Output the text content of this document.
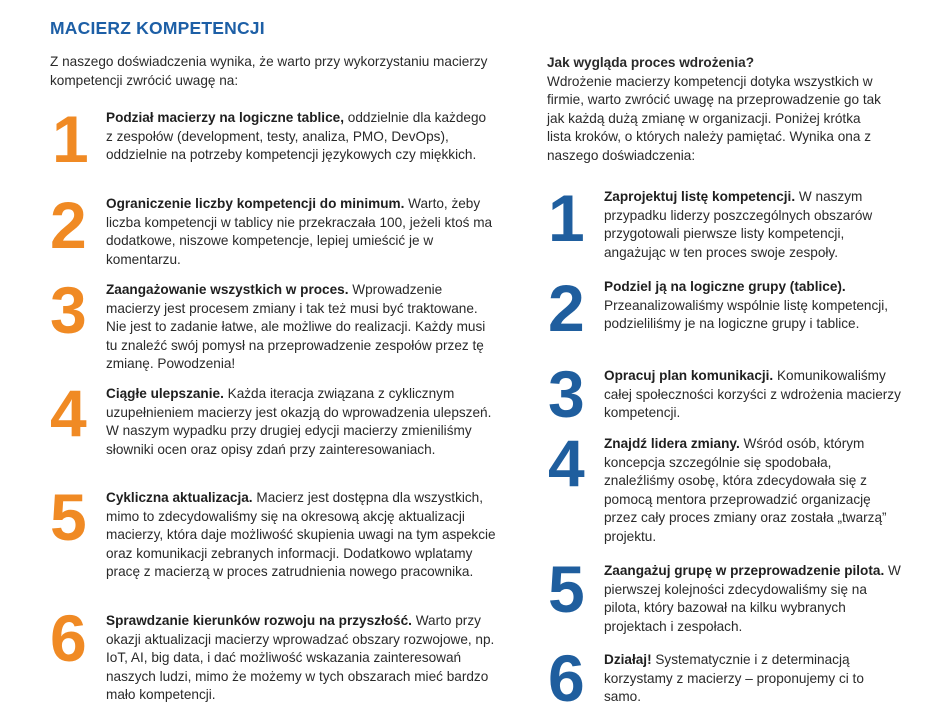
MACIERZ KOMPETENCJI

Z naszego doświadczenia wynika, że warto przy wykorzystaniu macierzy kompetencji zwrócić uwagę na:

1 Podział macierzy na logiczne tablice, oddzielnie dla każdego z zespołów (development, testy, analiza, PMO, DevOps), oddzielnie na potrzeby kompetencji językowych czy miękkich.
2 Ograniczenie liczby kompetencji do minimum. Warto, żeby liczba kompetencji w tablicy nie przekraczała 100, jeżeli ktoś ma dodatkowe, niszowe kompetencje, lepiej umieścić je w komentarzu.
3 Zaangażowanie wszystkich w proces. Wprowadzenie macierzy jest procesem zmiany i tak też musi być traktowane. Nie jest to zadanie łatwe, ale możliwe do realizacji. Każdy musi tu znaleźć swój pomysł na przeprowadzenie zespołów przez tę zmianę. Powodzenia!
4 Ciągłe ulepszanie. Każda iteracja związana z cyklicznym uzupełnieniem macierzy jest okazją do wprowadzenia ulepszeń. W naszym wypadku przy drugiej edycji macierzy zmieniliśmy słowniki ocen oraz opisy zdań przy zainteresowaniach.
5 Cykliczna aktualizacja. Macierz jest dostępna dla wszystkich, mimo to zdecydowaliśmy się na okresową akcję aktualizacji macierzy, która daje możliwość skupienia uwagi na tym aspekcie oraz komunikacji zebranych informacji. Dodatkowo wplatamy pracę z macierzą w proces zatrudnienia nowego pracownika.
6 Sprawdzanie kierunków rozwoju na przyszłość. Warto przy okazji aktualizacji macierzy wprowadzać obszary rozwojowe, np. IoT, AI, big data, i dać możliwość wskazania zainteresowań naszych ludzi, mimo że możemy w tych obszarach mieć bardzo mało kompetencji.
Jak wygląda proces wdrożenia?
Wdrożenie macierzy kompetencji dotyka wszystkich w firmie, warto zwrócić uwagę na przeprowadzenie go tak jak każdą dużą zmianę w organizacji. Poniżej krótka lista kroków, o których należy pamiętać. Wynika ona z naszego doświadczenia:
1 Zaprojektuj listę kompetencji. W naszym przypadku liderzy poszczególnych obszarów przygotowali pierwsze listy kompetencji, angażując w ten proces swoje zespoły.
2 Podziel ją na logiczne grupy (tablice). Przeanalizowaliśmy wspólnie listę kompetencji, podzieliliśmy je na logiczne grupy i tablice.
3 Opracuj plan komunikacji. Komunikowaliśmy całej społeczności korzyści z wdrożenia macierzy kompetencji.
4 Znajdź lidera zmiany. Wśród osób, którym koncepcja szczególnie się spodobała, znaleźliśmy osobę, która zdecydowała się z pomocą mentora przeprowadzić organizację przez cały proces zmiany oraz została „twarzą” projektu.
5 Zaangażuj grupę w przeprowadzenie pilota. W pierwszej kolejności zdecydowaliśmy się na pilota, który bazował na kilku wybranych projektach i zespołach.
6 Działaj! Systematycznie i z determinacją korzystamy z macierzy – proponujemy ci to samo.
